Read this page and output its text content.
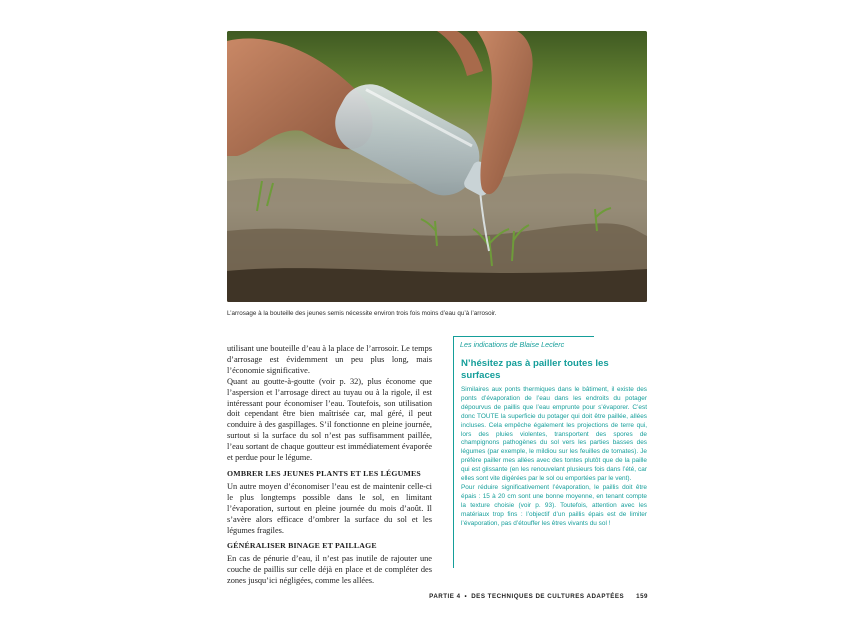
L’arrosage à la bouteille des jeunes semis nécessite environ trois fois moins d’eau qu’à l’arrosoir.

utilisant une bouteille d’eau à la place de l’arrosoir. Le temps d’arrosage est évidemment un peu plus long, mais l’économie significative.

Quant au goutte-à-goutte (voir p. 32), plus économe que l’aspersion et l’arrosage direct au tuyau ou à la rigole, il est intéressant pour économiser l’eau. Toutefois, son utilisation doit cependant être bien maîtrisée car, mal géré, il peut conduire à des gaspillages. S’il fonctionne en pleine journée, surtout si la surface du sol n’est pas suffisamment paillée, l’eau sortant de chaque goutteur est immédiatement évaporée et perdue pour le légume.

OMBRER LES JEUNES PLANTS ET LES LÉGUMES

Un autre moyen d’économiser l’eau est de maintenir celle-ci le plus longtemps possible dans le sol, en limitant l’évaporation, surtout en pleine journée du mois d’août. Il s’avère alors efficace d’ombrer la surface du sol et les légumes fragiles.

GÉNÉRALISER BINAGE ET PAILLAGE

En cas de pénurie d’eau, il n’est pas inutile de rajouter une couche de paillis sur celle déjà en place et de compléter des zones jusqu’ici négligées, comme les allées.

Les indications de Blaise Leclerc
N’hésitez pas à pailler toutes les surfaces

Similaires aux ponts thermiques dans le bâtiment, il existe des ponts d’évaporation de l’eau dans les endroits du potager dépourvus de paillis que l’eau emprunte pour s’évaporer. C’est donc TOUTE la superficie du potager qui doit être paillée, allées incluses. Cela empêche également les projections de terre qui, lors des pluies violentes, transportent des spores de champignons pathogènes du sol vers les parties basses des légumes (par exemple, le mildiou sur les feuilles de tomates). Je préfère pailler mes allées avec des tontes plutôt que de la paille qui est glissante (en les renouvelant plusieurs fois dans l’été, car elles sont vite digérées par le sol ou emportées par le vent).

Pour réduire significativement l’évaporation, le paillis doit être épais : 15 à 20 cm sont une bonne moyenne, en tenant compte la texture choisie (voir p. 93). Toutefois, attention avec les matériaux trop fins : l’objectif d’un paillis épais est de limiter l’évaporation, pas d’étouffer les êtres vivants du sol !

PARTIE 4 • DES TECHNIQUES DE CULTURES ADAPTÉES 159
